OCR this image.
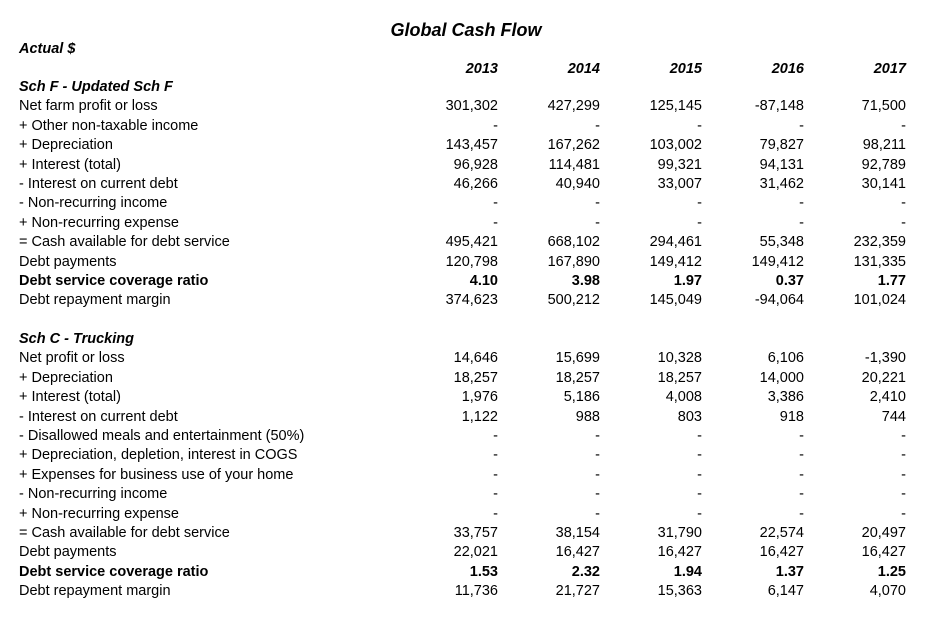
Global Cash Flow
Actual $
2013	2014	2015	2016	2017
Sch F - Updated Sch F
Net farm profit or loss	301,302	427,299	125,145	-87,148	71,500
+ Other non-taxable income	-	-	-	-	-
+ Depreciation	143,457	167,262	103,002	79,827	98,211
+ Interest (total)	96,928	114,481	99,321	94,131	92,789
- Interest on current debt	46,266	40,940	33,007	31,462	30,141
- Non-recurring income	-	-	-	-	-
+ Non-recurring expense	-	-	-	-	-
= Cash available for debt service	495,421	668,102	294,461	55,348	232,359
Debt payments	120,798	167,890	149,412	149,412	131,335
Debt service coverage ratio	4.10	3.98	1.97	0.37	1.77
Debt repayment margin	374,623	500,212	145,049	-94,064	101,024
Sch C - Trucking
Net profit or loss	14,646	15,699	10,328	6,106	-1,390
+ Depreciation	18,257	18,257	18,257	14,000	20,221
+ Interest (total)	1,976	5,186	4,008	3,386	2,410
- Interest on current debt	1,122	988	803	918	744
- Disallowed meals and entertainment (50%)	-	-	-	-	-
+ Depreciation, depletion, interest in COGS	-	-	-	-	-
+ Expenses for business use of your home	-	-	-	-	-
- Non-recurring income	-	-	-	-	-
+ Non-recurring expense	-	-	-	-	-
= Cash available for debt service	33,757	38,154	31,790	22,574	20,497
Debt payments	22,021	16,427	16,427	16,427	16,427
Debt service coverage ratio	1.53	2.32	1.94	1.37	1.25
Debt repayment margin	11,736	21,727	15,363	6,147	4,070
